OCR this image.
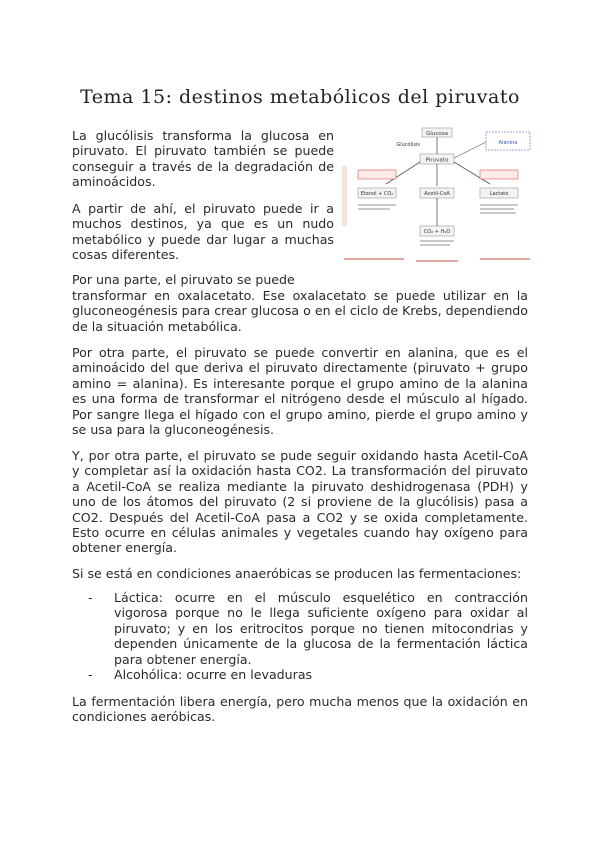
Tema 15: destinos metabólicos del piruvato

La glucólisis transforma la glucosa en piruvato. El piruvato también se puede conseguir a través de la degradación de aminoácidos.

A partir de ahí, el piruvato puede ir a muchos destinos, ya que es un nudo metabólico y puede dar lugar a muchas cosas diferentes.

Por una parte, el piruvato se puede

transformar en oxalacetato. Ese oxalacetato se puede utilizar en la gluconeogénesis para crear glucosa o en el ciclo de Krebs, dependiendo de la situación metabólica.

Por otra parte, el piruvato se puede convertir en alanina, que es el aminoácido del que deriva el piruvato directamente (piruvato + grupo amino = alanina). Es interesante porque el grupo amino de la alanina es una forma de transformar el nitrógeno desde el músculo al hígado. Por sangre llega el hígado con el grupo amino, pierde el grupo amino y se usa para la gluconeogénesis.

Y, por otra parte, el piruvato se pude seguir oxidando hasta Acetil-CoA y completar así la oxidación hasta CO2. La transformación del piruvato a Acetil-CoA se realiza mediante la piruvato deshidrogenasa (PDH) y uno de los átomos del piruvato (2 si proviene de la glucólisis) pasa a CO2. Después del Acetil-CoA pasa a CO2 y se oxida completamente. Esto ocurre en células animales y vegetales cuando hay oxígeno para obtener energía.

Si se está en condiciones anaeróbicas se producen las fermentaciones:

- Láctica: ocurre en el músculo esquelético en contracción vigorosa porque no le llega suficiente oxígeno para oxidar al piruvato; y en los eritrocitos porque no tienen mitocondrias y dependen únicamente de la glucosa de la fermentación láctica para obtener energía.
- Alcohólica: ocurre en levaduras

La fermentación libera energía, pero mucha menos que la oxidación en condiciones aeróbicas.

Glucosa
Glucólisis
Piruvato
Etanol + CO₂	Lactato
Acetil-CoA
CO₂ + H₂O
Alanina
